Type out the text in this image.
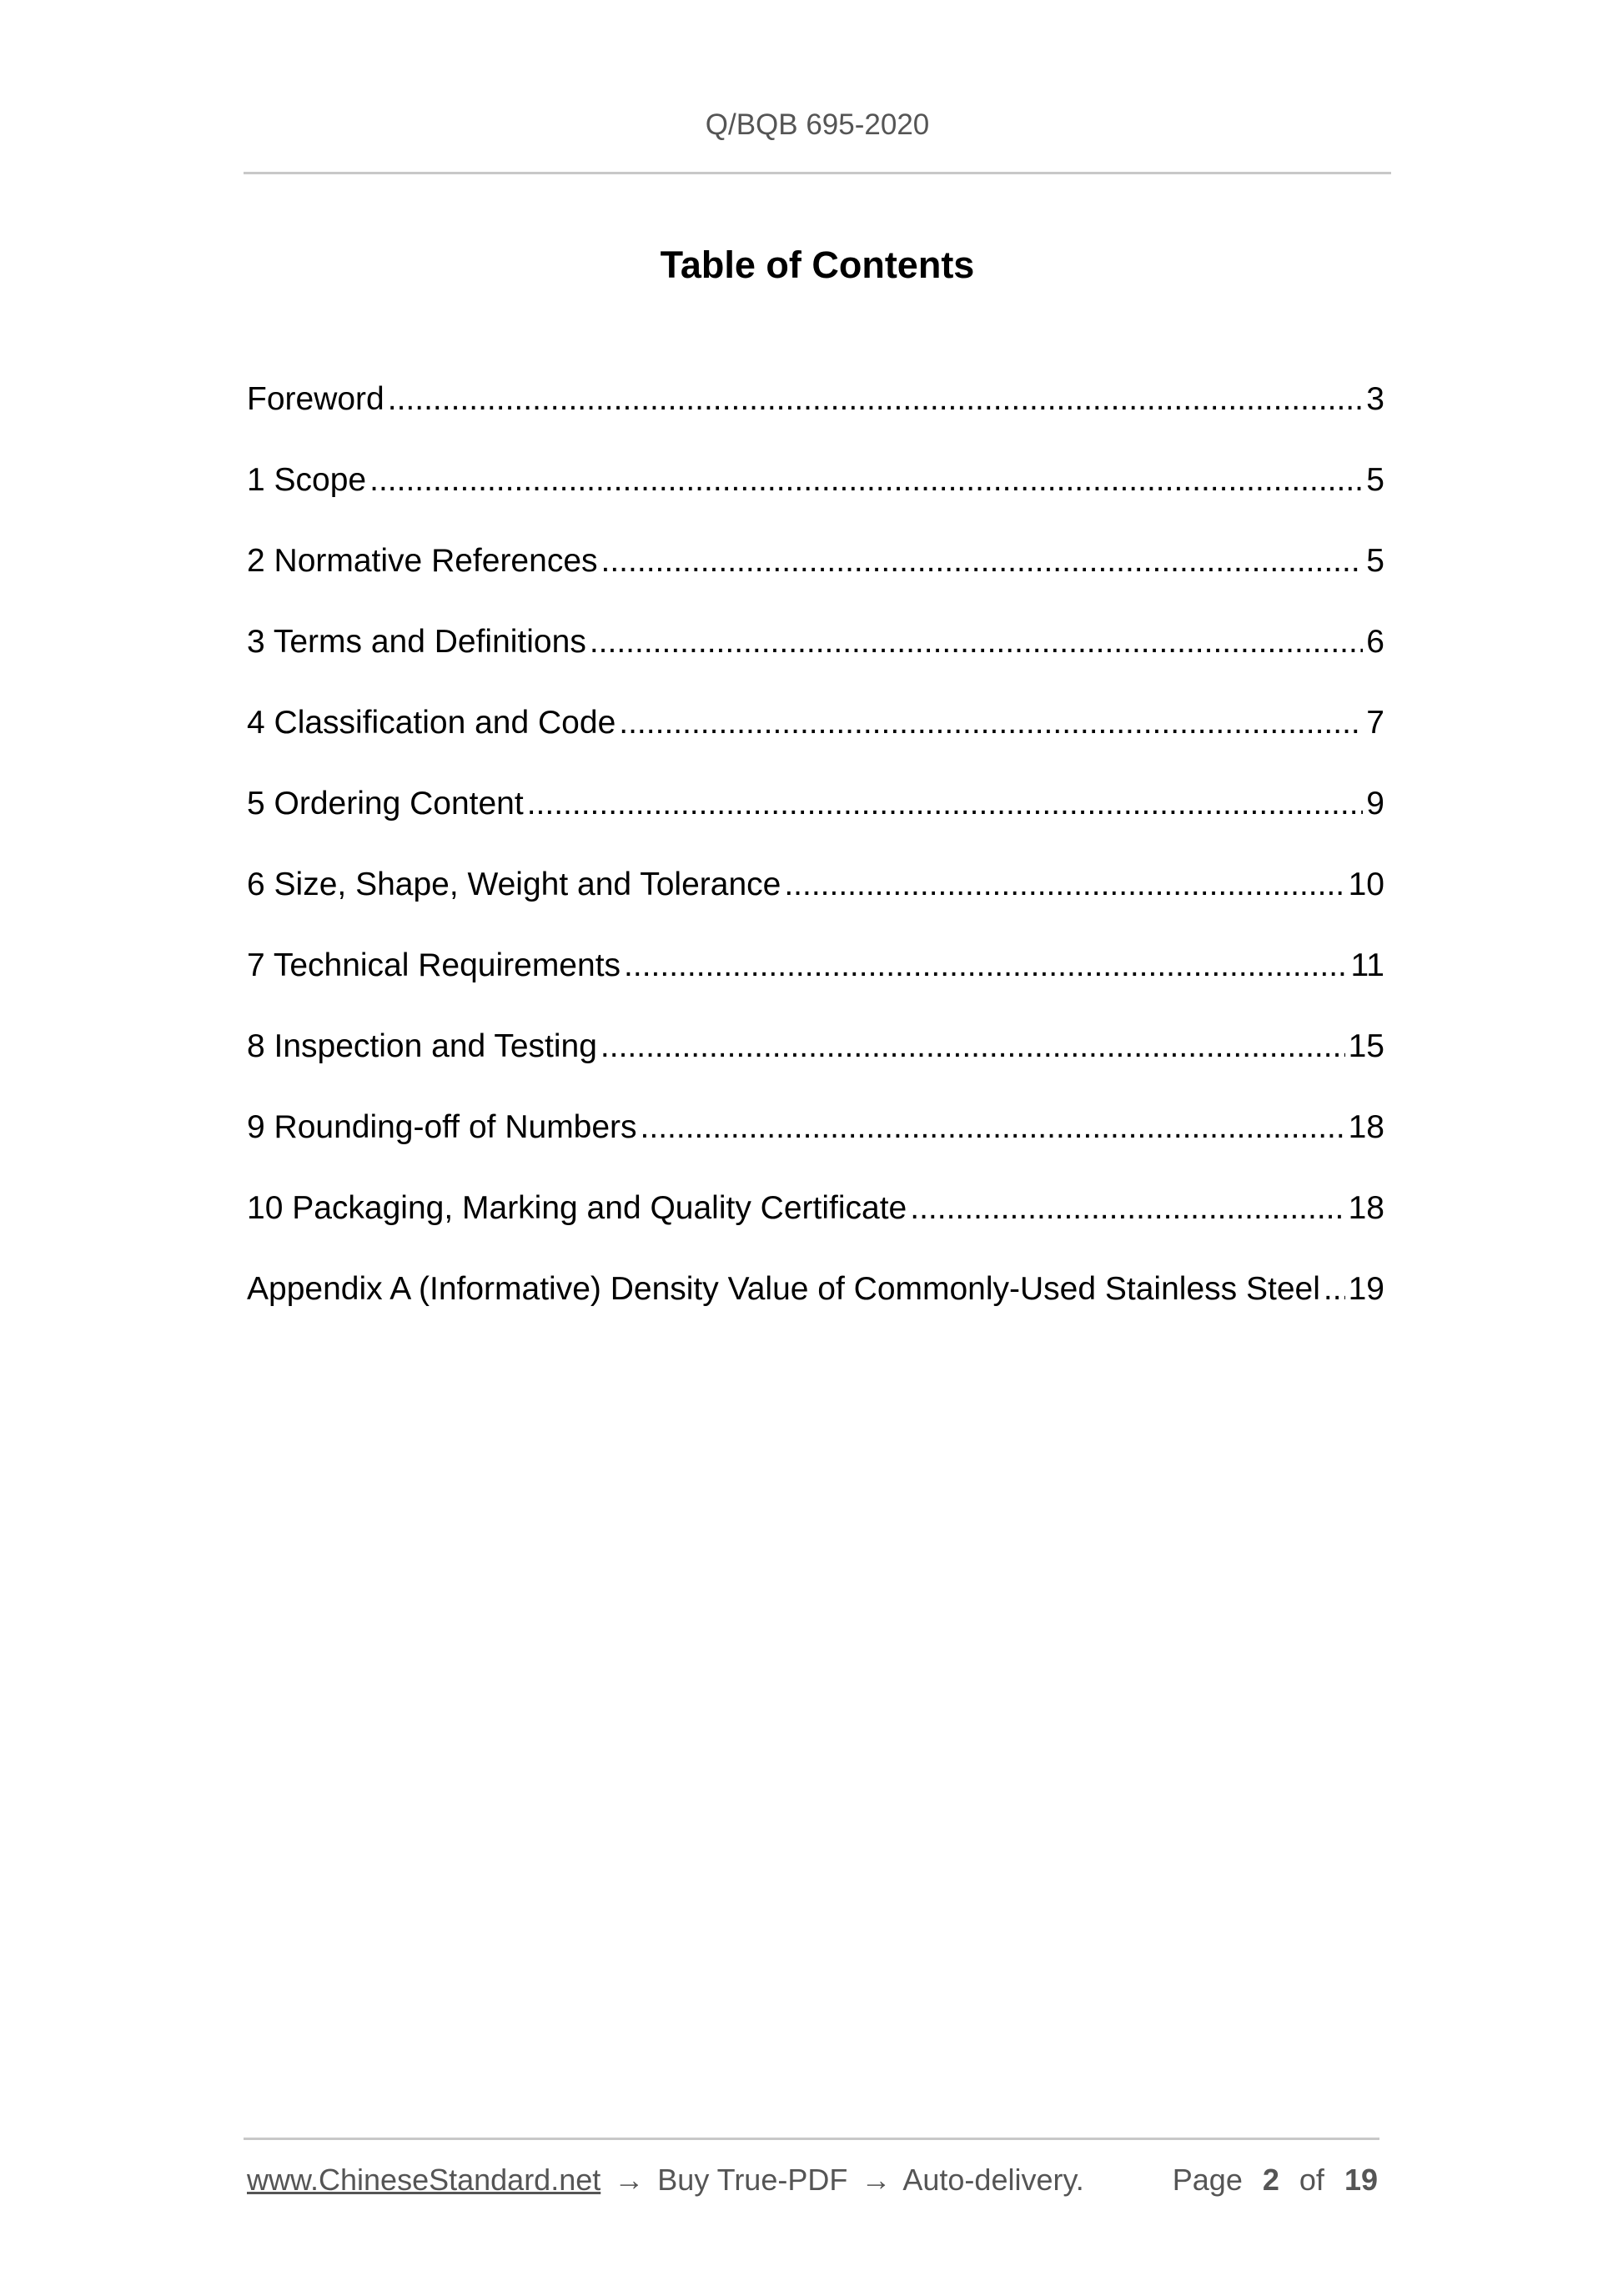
Q/BQB 695-2020
Table of Contents
Foreword .....	3
1 Scope .....	5
2 Normative References .....	5
3 Terms and Definitions .....	6
4 Classification and Code .....	7
5 Ordering Content .....	9
6 Size, Shape, Weight and Tolerance .....	10
7 Technical Requirements .....	11
8 Inspection and Testing .....	15
9 Rounding-off of Numbers .....	18
10 Packaging, Marking and Quality Certificate .....	18
Appendix A (Informative) Density Value of Commonly-Used Stainless Steel ..... 19
www.ChineseStandard.net → Buy True-PDF → Auto-delivery.	Page 2 of 19
